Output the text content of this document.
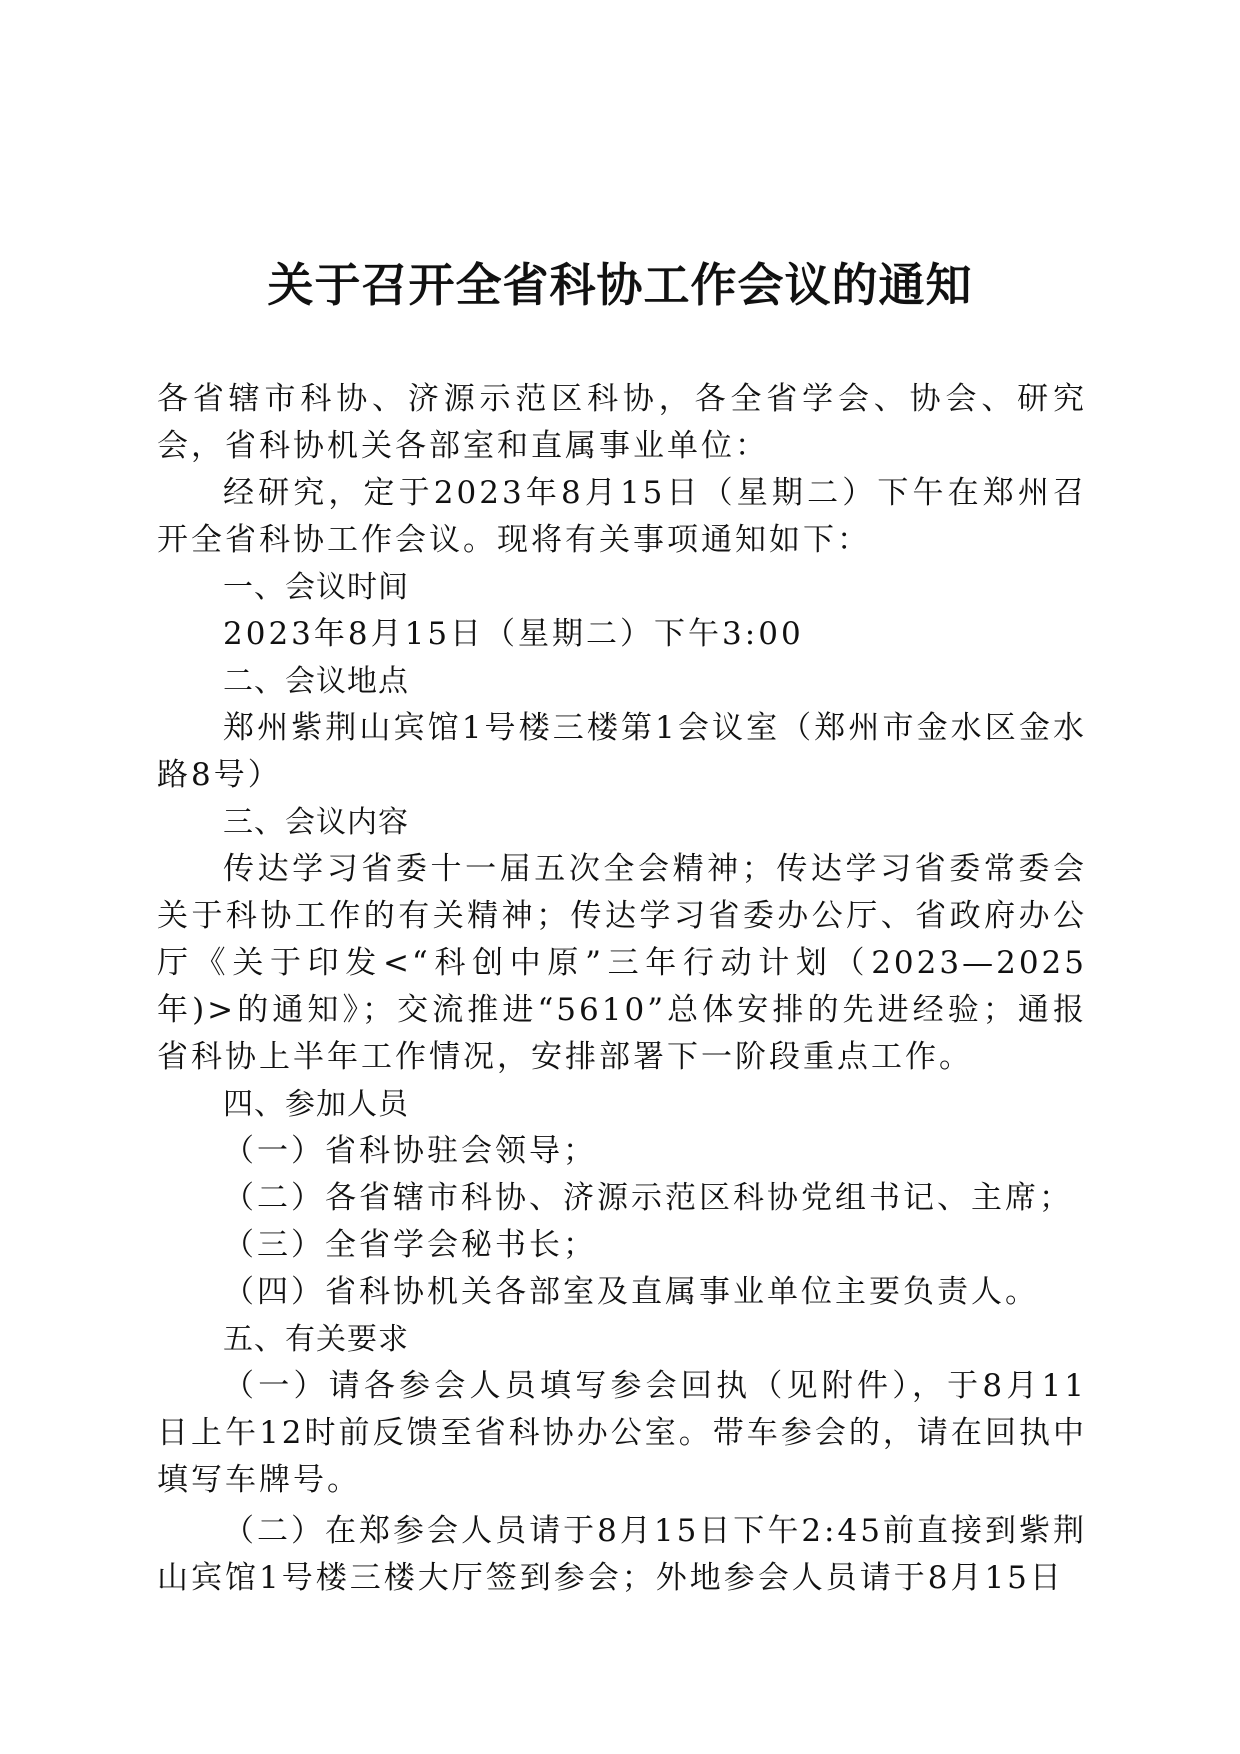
关于召开全省科协工作会议的通知

各省辖市科协、济源示范区科协，各全省学会、协会、研究会，省科协机关各部室和直属事业单位：

经研究，定于2023年8月15日（星期二）下午在郑州召开全省科协工作会议。现将有关事项通知如下：

一、会议时间

2023年8月15日（星期二）下午3:00

二、会议地点

郑州紫荆山宾馆1号楼三楼第1会议室（郑州市金水区金水路8号）

三、会议内容

传达学习省委十一届五次全会精神；传达学习省委常委会关于科协工作的有关精神；传达学习省委办公厅、省政府办公厅《关于印发<“科创中原”三年行动计划（2023—2025年)>的通知》；交流推进“5610”总体安排的先进经验；通报省科协上半年工作情况，安排部署下一阶段重点工作。

四、参加人员

（一）省科协驻会领导；

（二）各省辖市科协、济源示范区科协党组书记、主席；

（三）全省学会秘书长；

（四）省科协机关各部室及直属事业单位主要负责人。

五、有关要求

（一）请各参会人员填写参会回执（见附件），于8月11日上午12时前反馈至省科协办公室。带车参会的，请在回执中填写车牌号。

（二）在郑参会人员请于8月15日下午2:45前直接到紫荆山宾馆1号楼三楼大厅签到参会；外地参会人员请于8月15日
